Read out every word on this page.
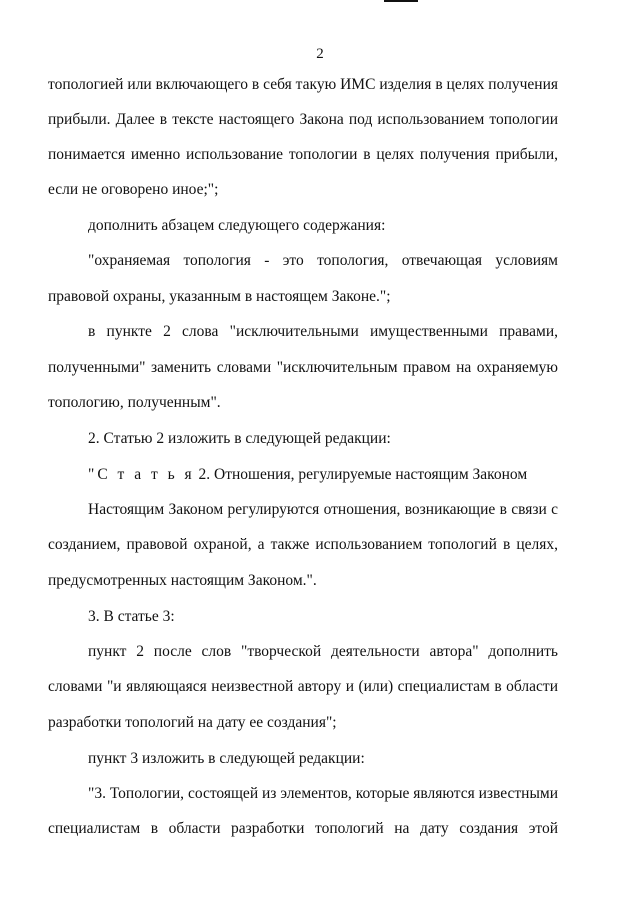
2
топологией или включающего в себя такую ИМС изделия в целях получения
прибыли. Далее в тексте настоящего Закона под использованием топологии
понимается именно использование топологии в целях получения прибыли,
если не оговорено иное;";
дополнить абзацем следующего содержания:
"охраняемая топология - это топология, отвечающая условиям
правовой охраны, указанным в настоящем Законе.";
в пункте 2 слова "исключительными имущественными правами,
полученными" заменить словами "исключительным правом на охраняемую
топологию, полученным".
2. Статью 2 изложить в следующей редакции:
"С т а т ь я 2. Отношения, регулируемые настоящим Законом
Настоящим Законом регулируются отношения, возникающие в связи с
созданием, правовой охраной, а также использованием топологий в целях,
предусмотренных настоящим Законом.".
3. В статье 3:
пункт 2 после слов "творческой деятельности автора" дополнить
словами "и являющаяся неизвестной автору и (или) специалистам в области
разработки топологий на дату ее создания";
пункт 3 изложить в следующей редакции:
"3. Топологии, состоящей из элементов, которые являются известными
специалистам в области разработки топологий на дату создания этой
